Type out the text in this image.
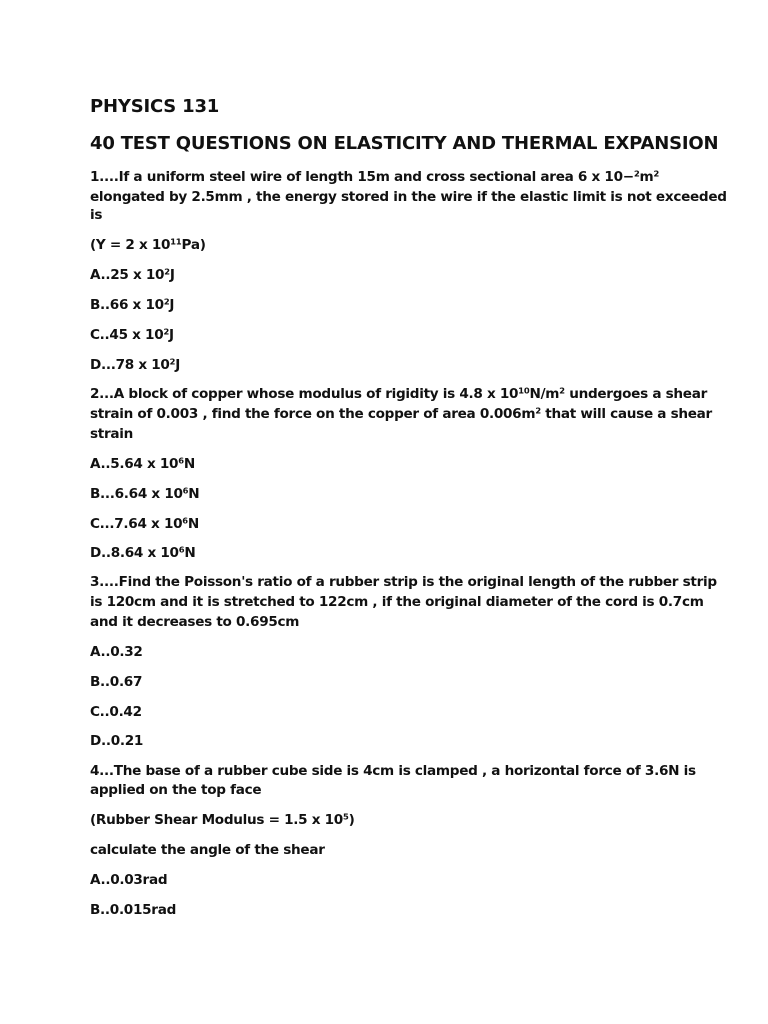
PHYSICS 131
40 TEST QUESTIONS ON ELASTICITY AND THERMAL EXPANSION
1....If a uniform steel wire of length 15m and cross sectional area 6 x 10−²m²
elongated by 2.5mm , the energy stored in the wire if the elastic limit is not exceeded
is
(Y = 2 x 10¹¹Pa)
A..25 x 10²J
B..66 x 10²J
C..45 x 10²J
D...78 x 10²J
2...A block of copper whose modulus of rigidity is 4.8 x 10¹⁰N/m² undergoes a shear
strain of 0.003 , find the force on the copper of area 0.006m² that will cause a shear
strain
A..5.64 x 10⁶N
B...6.64 x 10⁶N
C...7.64 x 10⁶N
D..8.64 x 10⁶N
3....Find the Poisson's ratio of a rubber strip is the original length of the rubber strip
is 120cm and it is stretched to 122cm , if the original diameter of the cord is 0.7cm
and it decreases to 0.695cm
A..0.32
B..0.67
C..0.42
D..0.21
4...The base of a rubber cube side is 4cm is clamped , a horizontal force of 3.6N is
applied on the top face
(Rubber Shear Modulus = 1.5 x 10⁵)
calculate the angle of the shear
A..0.03rad
B..0.015rad
